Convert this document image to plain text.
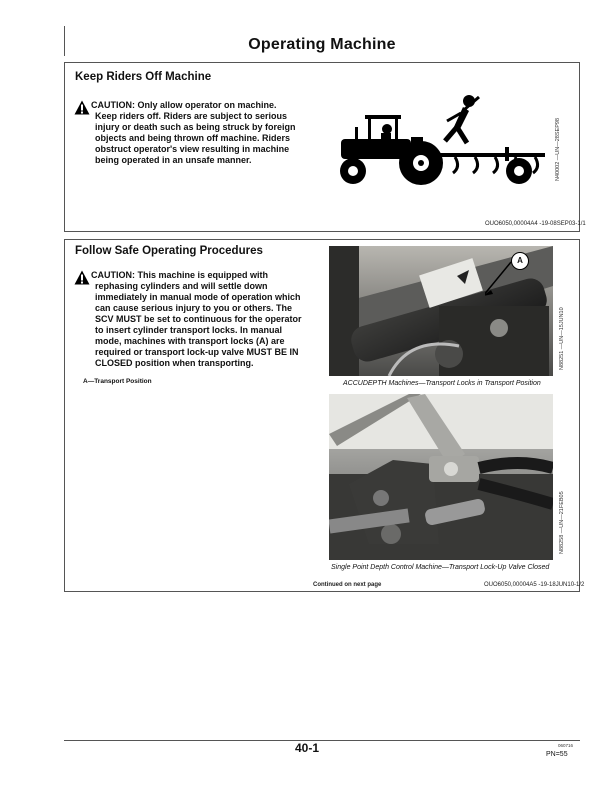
Operating Machine
Keep Riders Off Machine
CAUTION: Only allow operator on machine.
Keep riders off. Riders are subject to serious
injury or death such as being struck by foreign
objects and being thrown off machine. Riders
obstruct operator's view resulting in machine
being operated in an unsafe manner.	N40002 —UN—28SEP98
OUO6050,00004A4 -19-08SEP03-1/1
Follow Safe Operating Procedures
CAUTION: This machine is equipped with
rephasing cylinders and will settle down
immediately in manual mode of operation which
can cause serious injury to you or others. The
SCV MUST be set to continuous for the operator
to insert cylinder transport locks. In manual
mode, machines with transport locks (A) are
required or transport lock-up valve MUST BE IN
CLOSED position when transporting.
A—Transport Position
A
N88251 —UN—15JUN10
ACCUDEPTH Machines—Transport Locks in Transport Position
N88258 —UN—21FEB05
Single Point Depth Control Machine—Transport Lock-Up Valve Closed
Continued on next page	OUO6050,00004A5 -19-18JUN10-1/2
40-1	060716
PN=55
